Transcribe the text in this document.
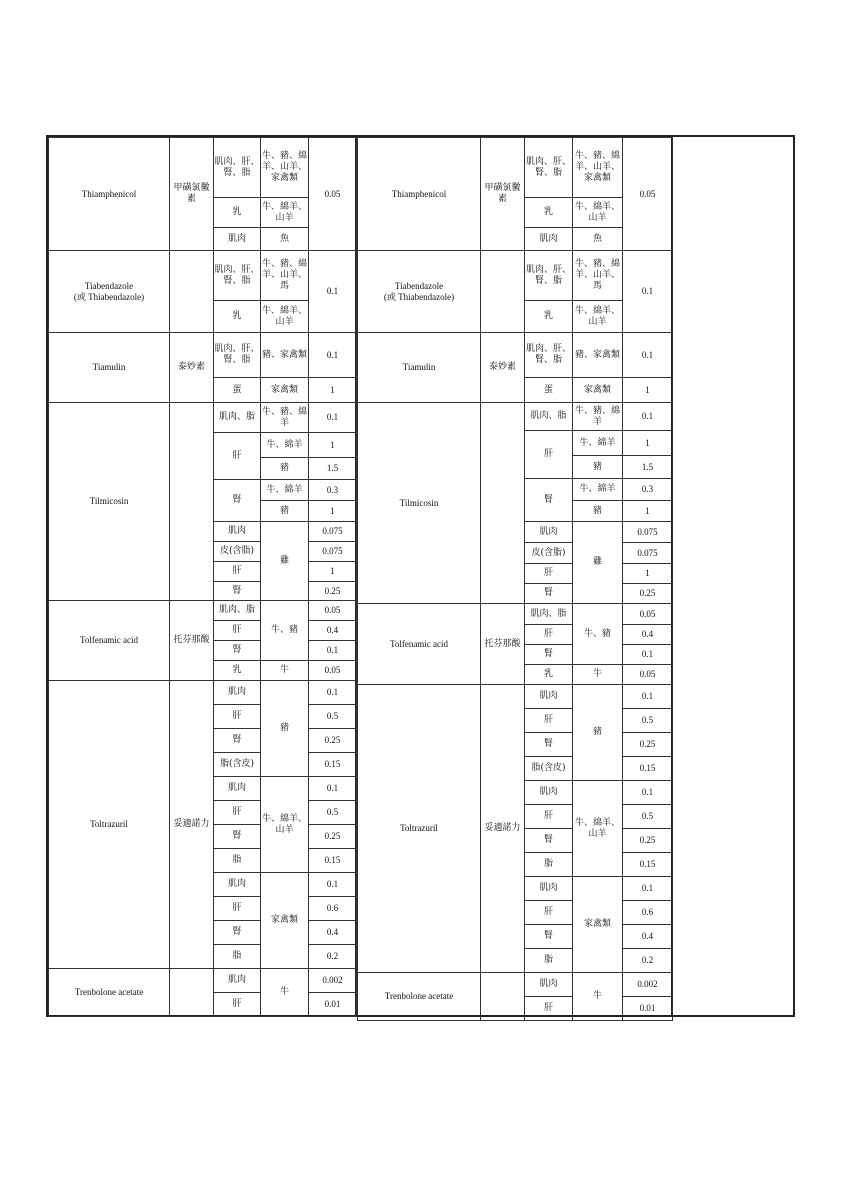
Thiamphenicol	甲磺氯黴素	肌肉、肝、腎、脂	牛、豬、綿羊、山羊、家禽類	0.05
		乳	牛、綿羊、山羊	
		肌肉	魚	
Tiabendazole
(或 Thiabendazole)		肌肉、肝、腎、脂	牛、豬、綿羊、山羊、馬	0.1
		乳	牛、綿羊、山羊	
Tiamulin	泰妙素	肌肉、肝、腎、脂	豬、家禽類	0.1
		蛋	家禽類	1
Tilmicosin		肌肉、脂	牛、豬、綿羊	0.1
		肝	牛、綿羊	1
			豬	1.5
		腎	牛、綿羊	0.3
			豬	1
		肌肉	雞	0.075
		皮(含脂)		0.075
		肝		1
		腎		0.25
Tolfenamic acid	托芬那酸	肌肉、脂	牛、豬	0.05
		肝		0.4
		腎		0.1
		乳	牛	0.05
Toltrazuril	妥適諾力	肌肉	豬	0.1
		肝		0.5
		腎		0.25
		脂(含皮)		0.15
		肌肉	牛、綿羊、山羊	0.1
		肝		0.5
		腎		0.25
		脂		0.15
		肌肉	家禽類	0.1
		肝		0.6
		腎		0.4
		脂		0.2
Trenbolone acetate		肌肉	牛	0.002
		肝		0.01
Thiamphenicol	甲磺氯黴素	肌肉、肝、腎、脂	牛、豬、綿羊、山羊、家禽類	0.05
		乳	牛、綿羊、山羊	
		肌肉	魚	
Tiabendazole
(或 Thiabendazole)		肌肉、肝、腎、脂	牛、豬、綿羊、山羊、馬	0.1
		乳	牛、綿羊、山羊	
Tiamulin	泰妙素	肌肉、肝、腎、脂	豬、家禽類	0.1
		蛋	家禽類	1
Tilmicosin		肌肉、脂	牛、豬、綿羊	0.1
		肝	牛、綿羊	1
			豬	1.5
		腎	牛、綿羊	0.3
			豬	1
		肌肉	雞	0.075
		皮(含脂)		0.075
		肝		1
		腎		0.25
Tolfenamic acid	托芬那酸	肌肉、脂	牛、豬	0.05
		肝		0.4
		腎		0.1
		乳	牛	0.05
Toltrazuril	妥適諾力	肌肉	豬	0.1
		肝		0.5
		腎		0.25
		脂(含皮)		0.15
		肌肉	牛、綿羊、山羊	0.1
		肝		0.5
		腎		0.25
		脂		0.15
		肌肉	家禽類	0.1
		肝		0.6
		腎		0.4
		脂		0.2
Trenbolone acetate		肌肉	牛	0.002
		肝		0.01
